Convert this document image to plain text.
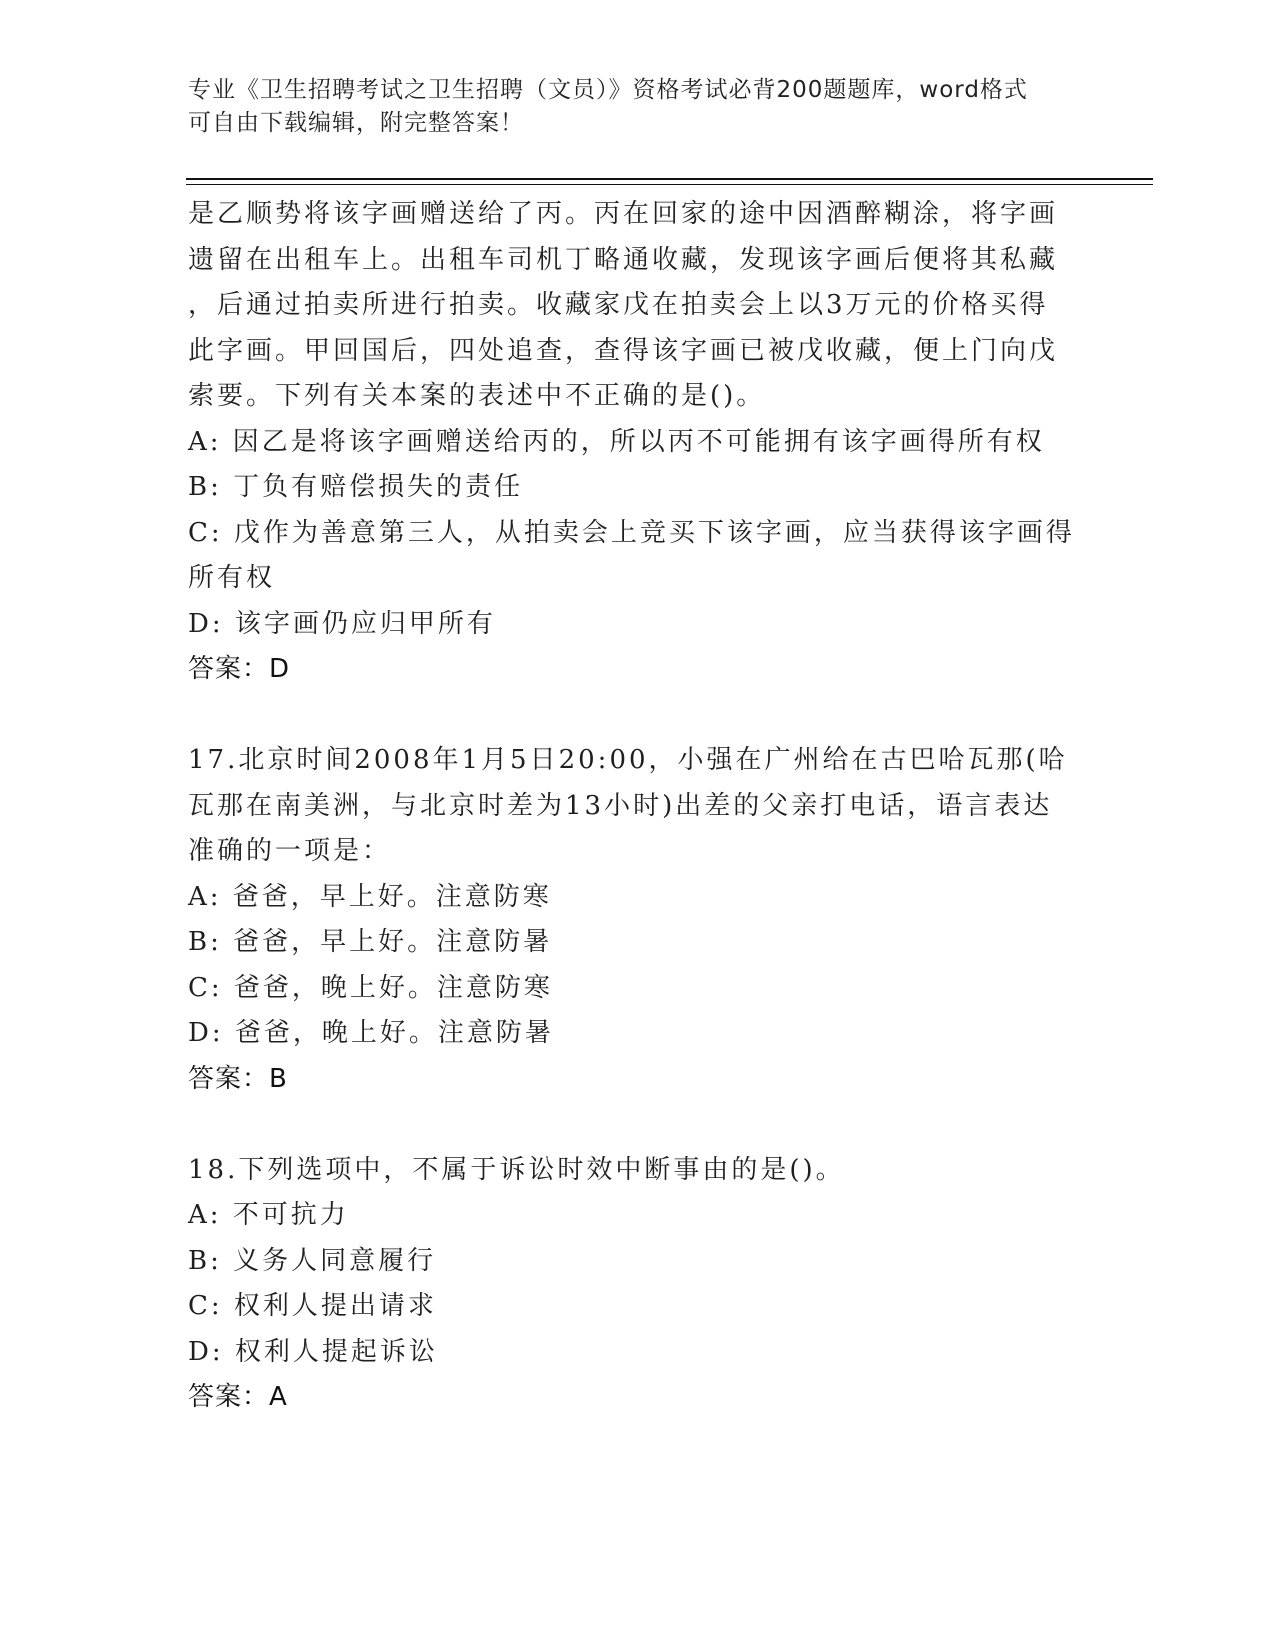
专业《卫生招聘考试之卫生招聘（文员）》资格考试必背200题题库，word格式
可自由下载编辑，附完整答案！
是乙顺势将该字画赠送给了丙。丙在回家的途中因酒醉糊涂，将字画
遗留在出租车上。出租车司机丁略通收藏，发现该字画后便将其私藏
，后通过拍卖所进行拍卖。收藏家戊在拍卖会上以3万元的价格买得
此字画。甲回国后，四处追查，查得该字画已被戊收藏，便上门向戊
索要。下列有关本案的表述中不正确的是()。
A: 因乙是将该字画赠送给丙的，所以丙不可能拥有该字画得所有权
B: 丁负有赔偿损失的责任
C: 戊作为善意第三人，从拍卖会上竞买下该字画，应当获得该字画得
所有权
D: 该字画仍应归甲所有
答案：D
17.北京时间2008年1月5日20:00，小强在广州给在古巴哈瓦那(哈
瓦那在南美洲，与北京时差为13小时)出差的父亲打电话，语言表达
准确的一项是：
A: 爸爸，早上好。注意防寒
B: 爸爸，早上好。注意防暑
C: 爸爸，晚上好。注意防寒
D: 爸爸，晚上好。注意防暑
答案：B
18.下列选项中，不属于诉讼时效中断事由的是()。
A: 不可抗力
B: 义务人同意履行
C: 权利人提出请求
D: 权利人提起诉讼
答案：A
